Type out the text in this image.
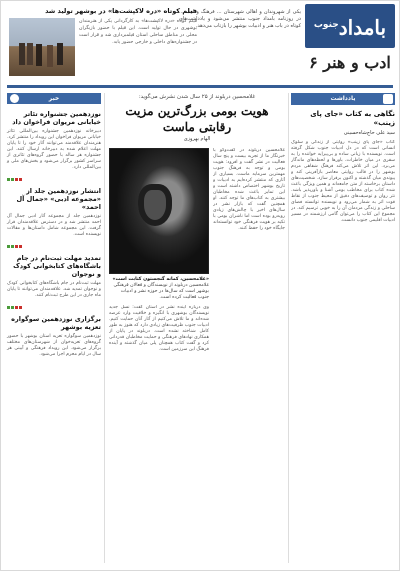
بامداد$^{جنوب}$
ادب و هنر ۶
یکی از شهروندان و اهالی شهرستان ... فرهنگ و ادب ... در روزنامه بامداد جنوب منتشر می‌شود و یادداشت‌های کوتاه در باب هنر و ادبیات بوشهر را بازتاب می‌دهد.
فیلم کوتاه «دره لاکپشت‌ها» در بوشهر تولید شد
فیلم کوتاه «دره لاکپشت‌ها» به کارگردانی یکی از هنرمندان بوشهری در حال تولید است. این فیلم با حضور بازیگران محلی در مناطق ساحلی استان فیلمبرداری شد و قرار است در جشنواره‌های داخلی و خارجی حضور یابد.
خبر
نوزدهمین جشنواره تئاتر خیابانی مریوان فراخوان داد
دبیرخانه نوزدهمین جشنواره بین‌المللی تئاتر خیابانی مریوان فراخوان این رویداد را منتشر کرد. هنرمندان علاقه‌مند می‌توانند آثار خود را تا پایان مهلت اعلام شده به دبیرخانه ارسال کنند. این جشنواره هر ساله با حضور گروه‌های تئاتری از سراسر کشور برگزار می‌شود و بخش‌های ملی و بین‌المللی دارد.
انتشار نوزدهمین جلد از «مجموعه ادبی» «جمال آل احمد»
نوزدهمین جلد از مجموعه آثار ادبی جمال آل احمد منتشر شد و در دسترس علاقه‌مندان قرار گرفت. این مجموعه شامل داستان‌ها و مقالات نویسنده است.
تمدید مهلت ثبت‌نام در جام باشگاه‌های کتابخوانی کودک و نوجوان
مهلت ثبت‌نام در جام باشگاه‌های کتابخوانی کودک و نوجوان تمدید شد. علاقه‌مندان می‌توانند تا پایان ماه جاری در این طرح ثبت‌نام کنند.
برگزاری نوزدهمین سوگواره تعزیه بوشهر
نوزدهمین سوگواره تعزیه استان بوشهر با حضور گروه‌های تعزیه‌خوان از شهرستان‌های مختلف برگزار می‌شود. این رویداد فرهنگی و آیینی هر سال در ایام محرم اجرا می‌شود.
غلامحسین دربلوند از ۲۵ سال شدن نشرش می‌گوید:
هویت بومی بزرگ‌ترین مزیت رقابتی ماست
الهام بهروزی
غلامحسین دربلوند در گفت‌وگو با خبرنگار ما از تجربه بیست و پنج سال فعالیت در نشر گفت و افزود: هویت بومی و توجه به فرهنگ جنوب مهمترین سرمایه ماست. بسیاری از آثاری که منتشر کرده‌ایم به ادبیات و تاریخ بوشهر اختصاص داشته است و این تمایز باعث شده مخاطبان بیشتری به کتاب‌های ما توجه کنند. او همچنین گفت که بازار نشر در سال‌های اخیر با چالش‌های زیادی روبه‌رو بوده است اما ناشران بومی با تکیه بر هویت فرهنگی خود توانسته‌اند جایگاه خود را حفظ کنند.
«غلامحسین، کمانه گنجستون کتابت است» غلامحسین دربلوند از نویسندگان و فعالان فرهنگی بوشهر است که سال‌ها در حوزه نشر و ادبیات جنوب فعالیت کرده است.
وی درباره آینده نشر در استان گفت: نسل جدید نویسندگان بوشهری با انگیزه و خلاقیت وارد عرصه شده‌اند و ما تلاش می‌کنیم از آثار آنان حمایت کنیم. ادبیات جنوب ظرفیت‌های زیادی دارد که هنوز به طور کامل شناخته نشده است. دربلوند در پایان از همکاری نهادهای فرهنگی و حمایت مخاطبان قدردانی کرد و گفت کتاب همچنان پلی میان گذشته و آینده فرهنگ این سرزمین است.
یادداشت
نگاهی به کتاب «جای پای زینب»
سید علی حاج‌شاه‌حسینی
کتاب «جای پای زینب» روایتی از زندگی و سلوک انسانی است که در دل ادبیات جنوب شکل گرفته است. نویسنده با زبانی ساده و بی‌پیرایه خواننده را به سفری در میان خاطرات، باورها و لحظه‌های ماندگار می‌برد. این اثر تلاش می‌کند فرهنگ شفاهی مردم بوشهر را در قالب روایتی معاصر بازآفرینی کند و پیوندی میان گذشته و اکنون برقرار سازد. شخصیت‌های داستان برخاسته از متن جامعه‌اند و همین ویژگی باعث شده کتاب برای مخاطب بومی آشنا و باورپذیر باشد. نثر روان و توصیف‌های دقیق از محیط جنوب از نقاط قوت اثر به شمار می‌رود و نویسنده توانسته فضای ساحلی و زندگی مردمان آن را به خوبی ترسیم کند. در مجموع این کتاب را می‌توان گامی ارزشمند در مسیر ادبیات اقلیمی جنوب دانست.
